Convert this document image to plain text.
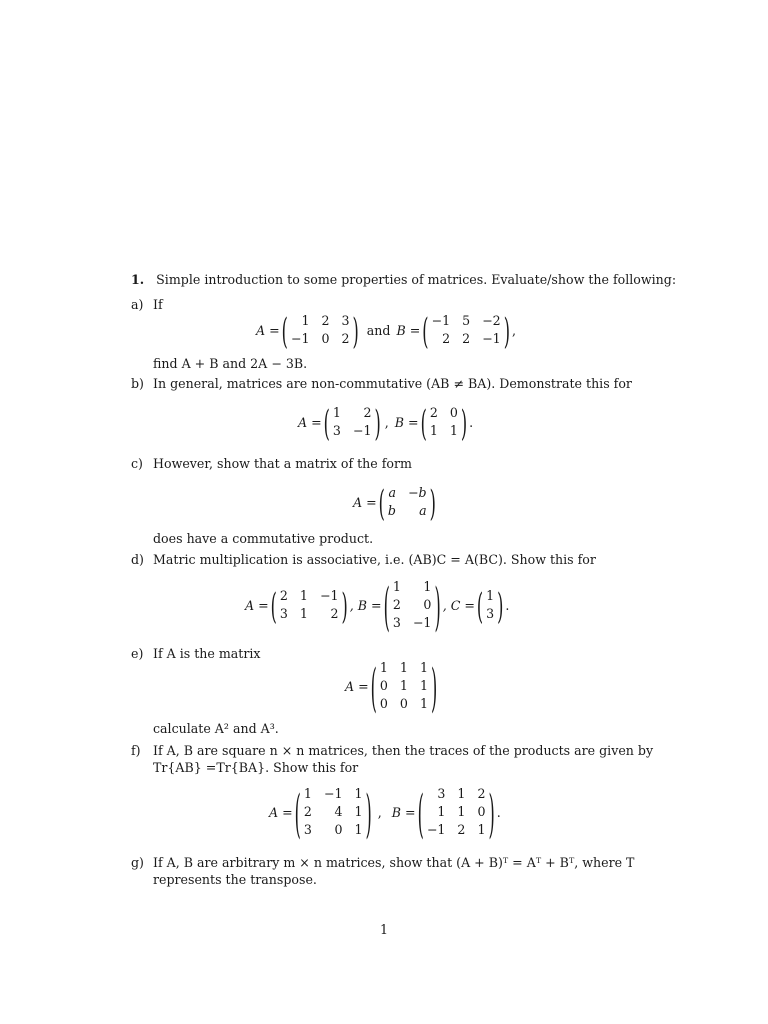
1. Simple introduction to some properties of matrices. Evaluate/show the following:
a) If
A = (	1 2 3
−1 0 2 ) and B = ( −1 5 −2
2 2 −1 ) ,
find A + B and 2A − 3B.
b) In general, matrices are non-commutative (AB ≠ BA). Demonstrate this for
A = ( 1	2
3 −1 ) , B = ( 2 0
1 1 ) .
c) However, show that a matrix of the form
A = ( a −b
b	a )
does have a commutative product.
d) Matric multiplication is associative, i.e. (AB)C = A(BC). Show this for
A = ( 2 1 −1
3 1	2 ) , B = ( 1	1
2	0
3 −1 ) , C = ( 1
3 ) .
e) If A is the matrix
A = ( 1 1 1
0 1 1
0 0 1 )
calculate A² and A³.
f) If A, B are square n × n matrices, then the traces of the products are given by
Tr{AB} =Tr{BA}. Show this for
A = ( 1 −1 1
2	4 1
3	0 1 ) , B = (	3 1 2
1 1 0
−1 2 1 ) .
g) If A, B are arbitrary m × n matrices, show that (A + B)ᵀ = Aᵀ + Bᵀ, where T
represents the transpose.
1
